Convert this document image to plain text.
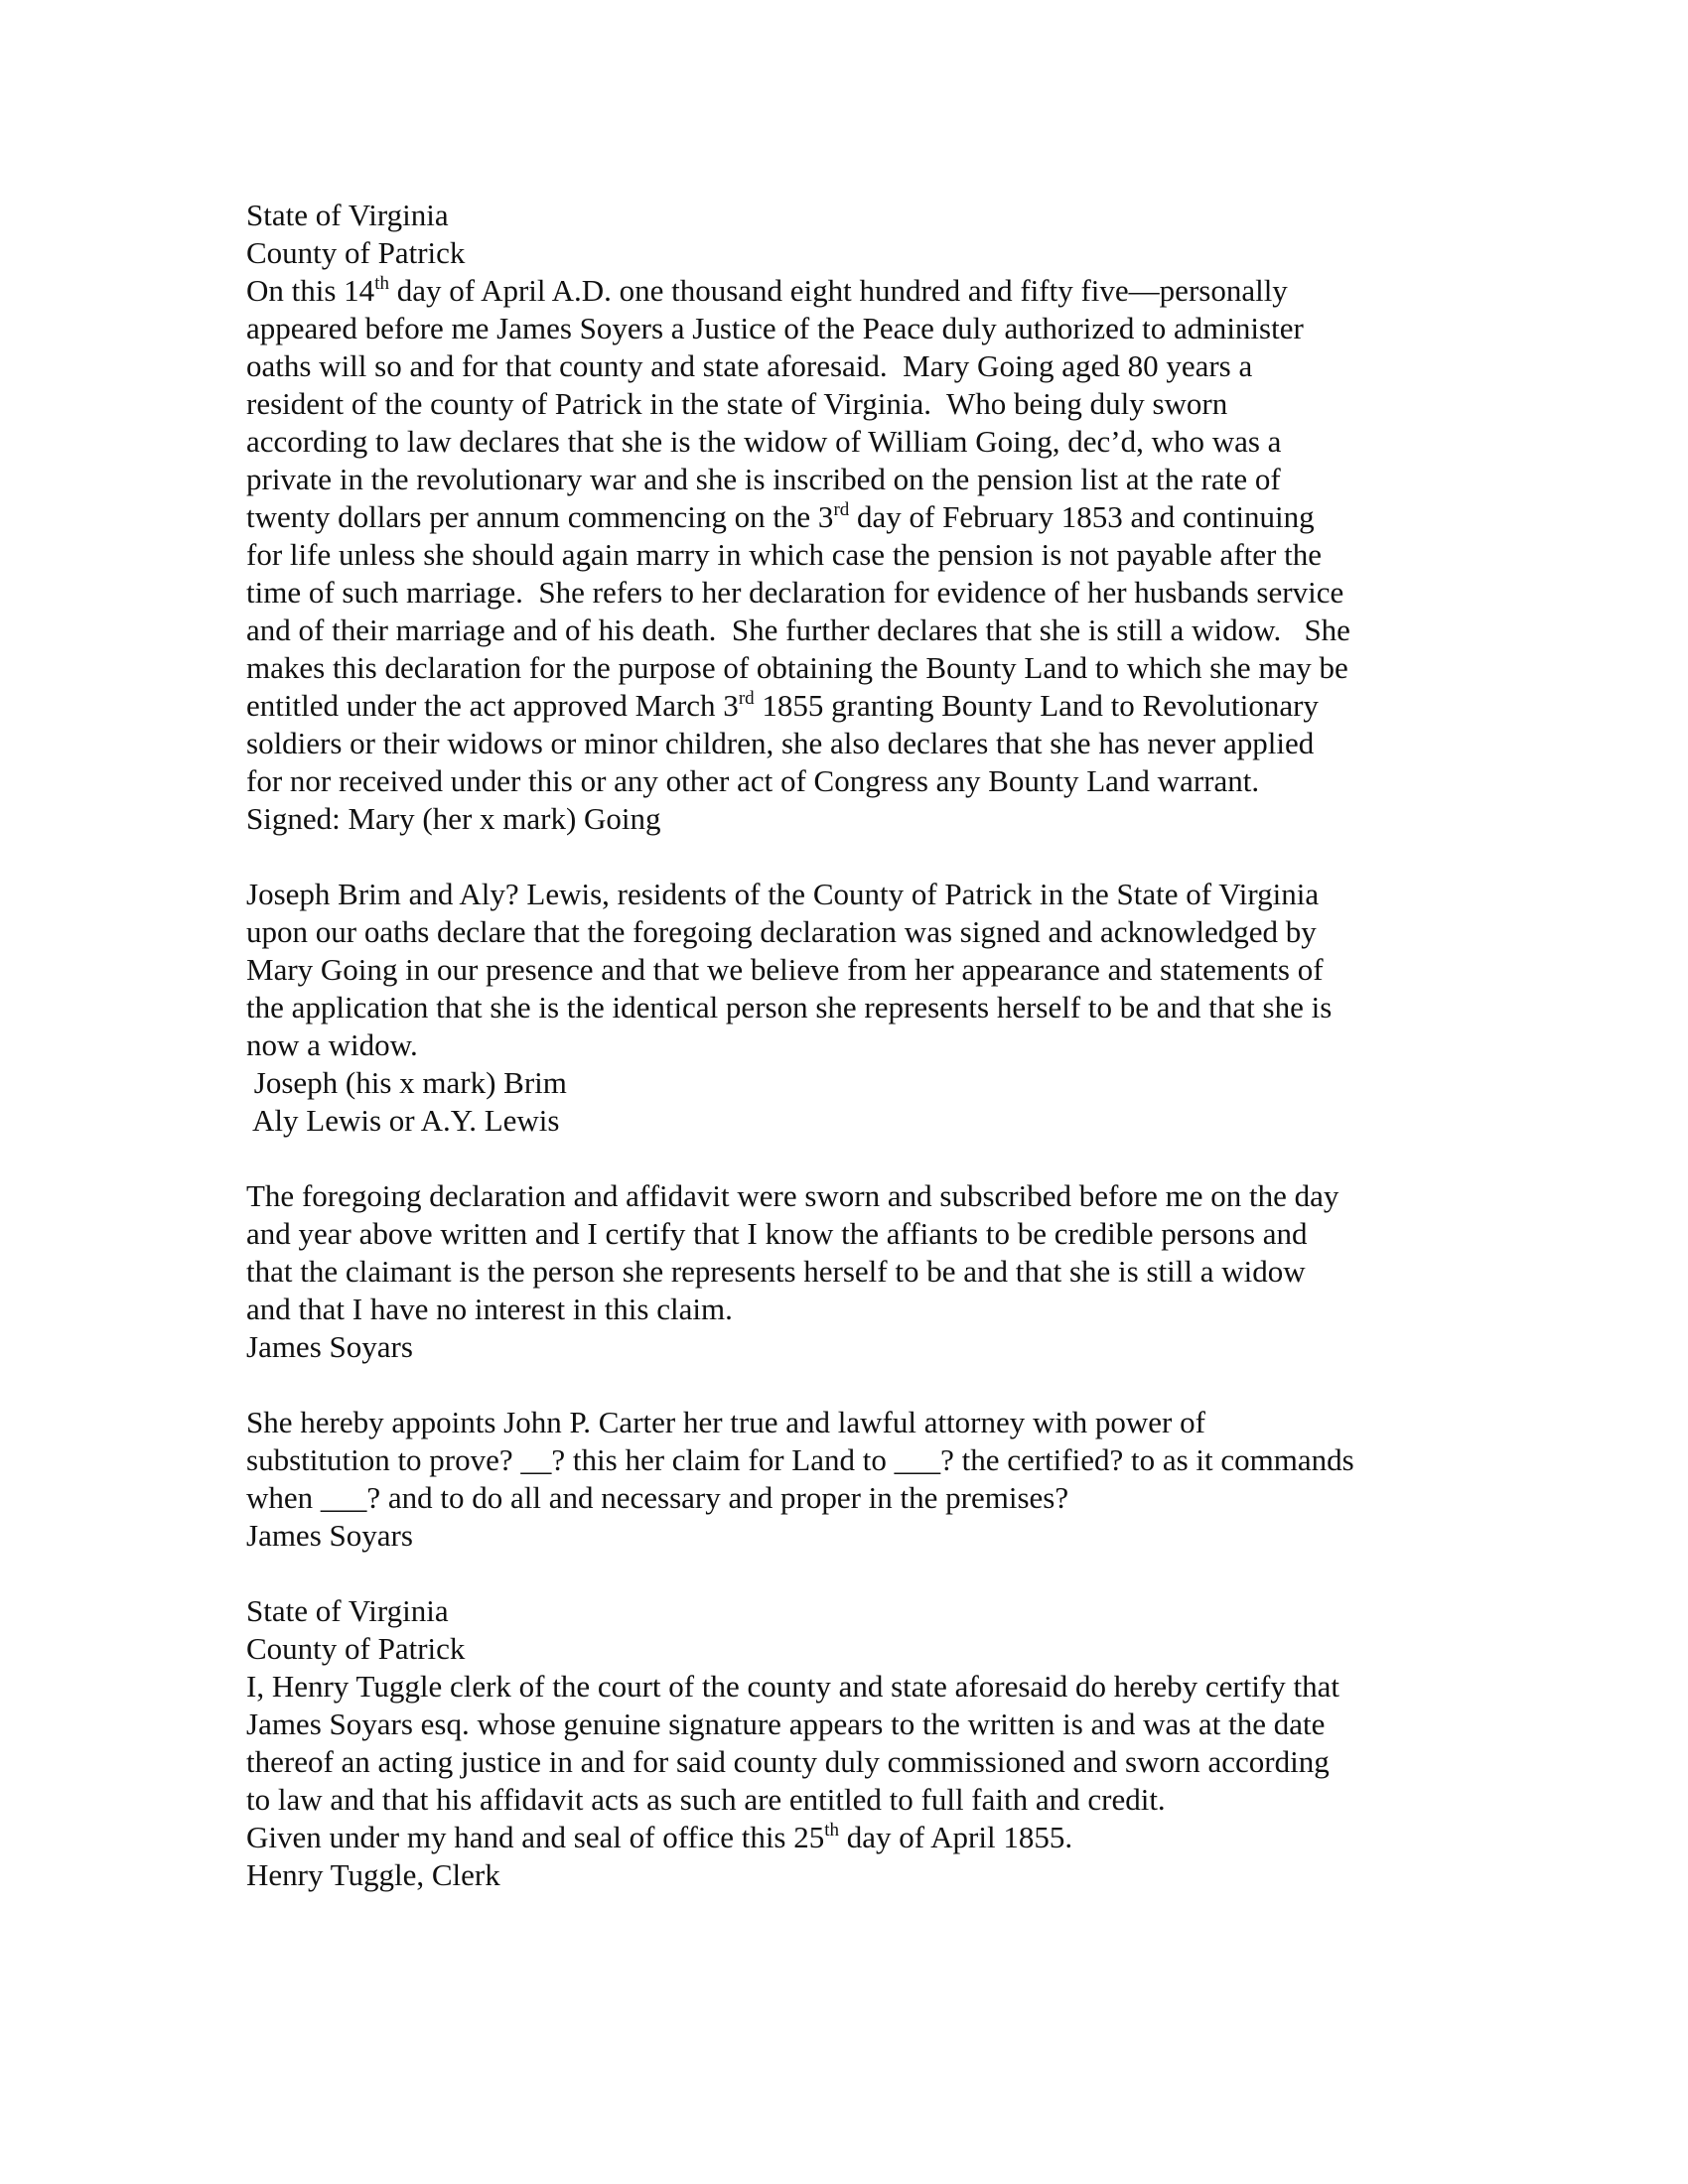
State of Virginia
County of Patrick
On this 14th day of April A.D. one thousand eight hundred and fifty five—personally
appeared before me James Soyers a Justice of the Peace duly authorized to administer
oaths will so and for that county and state aforesaid.  Mary Going aged 80 years a
resident of the county of Patrick in the state of Virginia.  Who being duly sworn
according to law declares that she is the widow of William Going, dec’d, who was a
private in the revolutionary war and she is inscribed on the pension list at the rate of
twenty dollars per annum commencing on the 3rd day of February 1853 and continuing
for life unless she should again marry in which case the pension is not payable after the
time of such marriage.  She refers to her declaration for evidence of her husbands service
and of their marriage and of his death.  She further declares that she is still a widow.   She
makes this declaration for the purpose of obtaining the Bounty Land to which she may be
entitled under the act approved March 3rd 1855 granting Bounty Land to Revolutionary
soldiers or their widows or minor children, she also declares that she has never applied
for nor received under this or any other act of Congress any Bounty Land warrant.
Signed: Mary (her x mark) Going
Joseph Brim and Aly? Lewis, residents of the County of Patrick in the State of Virginia
upon our oaths declare that the foregoing declaration was signed and acknowledged by
Mary Going in our presence and that we believe from her appearance and statements of
the application that she is the identical person she represents herself to be and that she is
now a widow.
Joseph (his x mark) Brim
Aly Lewis or A.Y. Lewis
The foregoing declaration and affidavit were sworn and subscribed before me on the day
and year above written and I certify that I know the affiants to be credible persons and
that the claimant is the person she represents herself to be and that she is still a widow
and that I have no interest in this claim.
James Soyars
She hereby appoints John P. Carter her true and lawful attorney with power of
substitution to prove? __? this her claim for Land to ___? the certified? to as it commands
when ___? and to do all and necessary and proper in the premises?
James Soyars
State of Virginia
County of Patrick
I, Henry Tuggle clerk of the court of the county and state aforesaid do hereby certify that
James Soyars esq. whose genuine signature appears to the written is and was at the date
thereof an acting justice in and for said county duly commissioned and sworn according
to law and that his affidavit acts as such are entitled to full faith and credit.
Given under my hand and seal of office this 25th day of April 1855.
Henry Tuggle, Clerk
